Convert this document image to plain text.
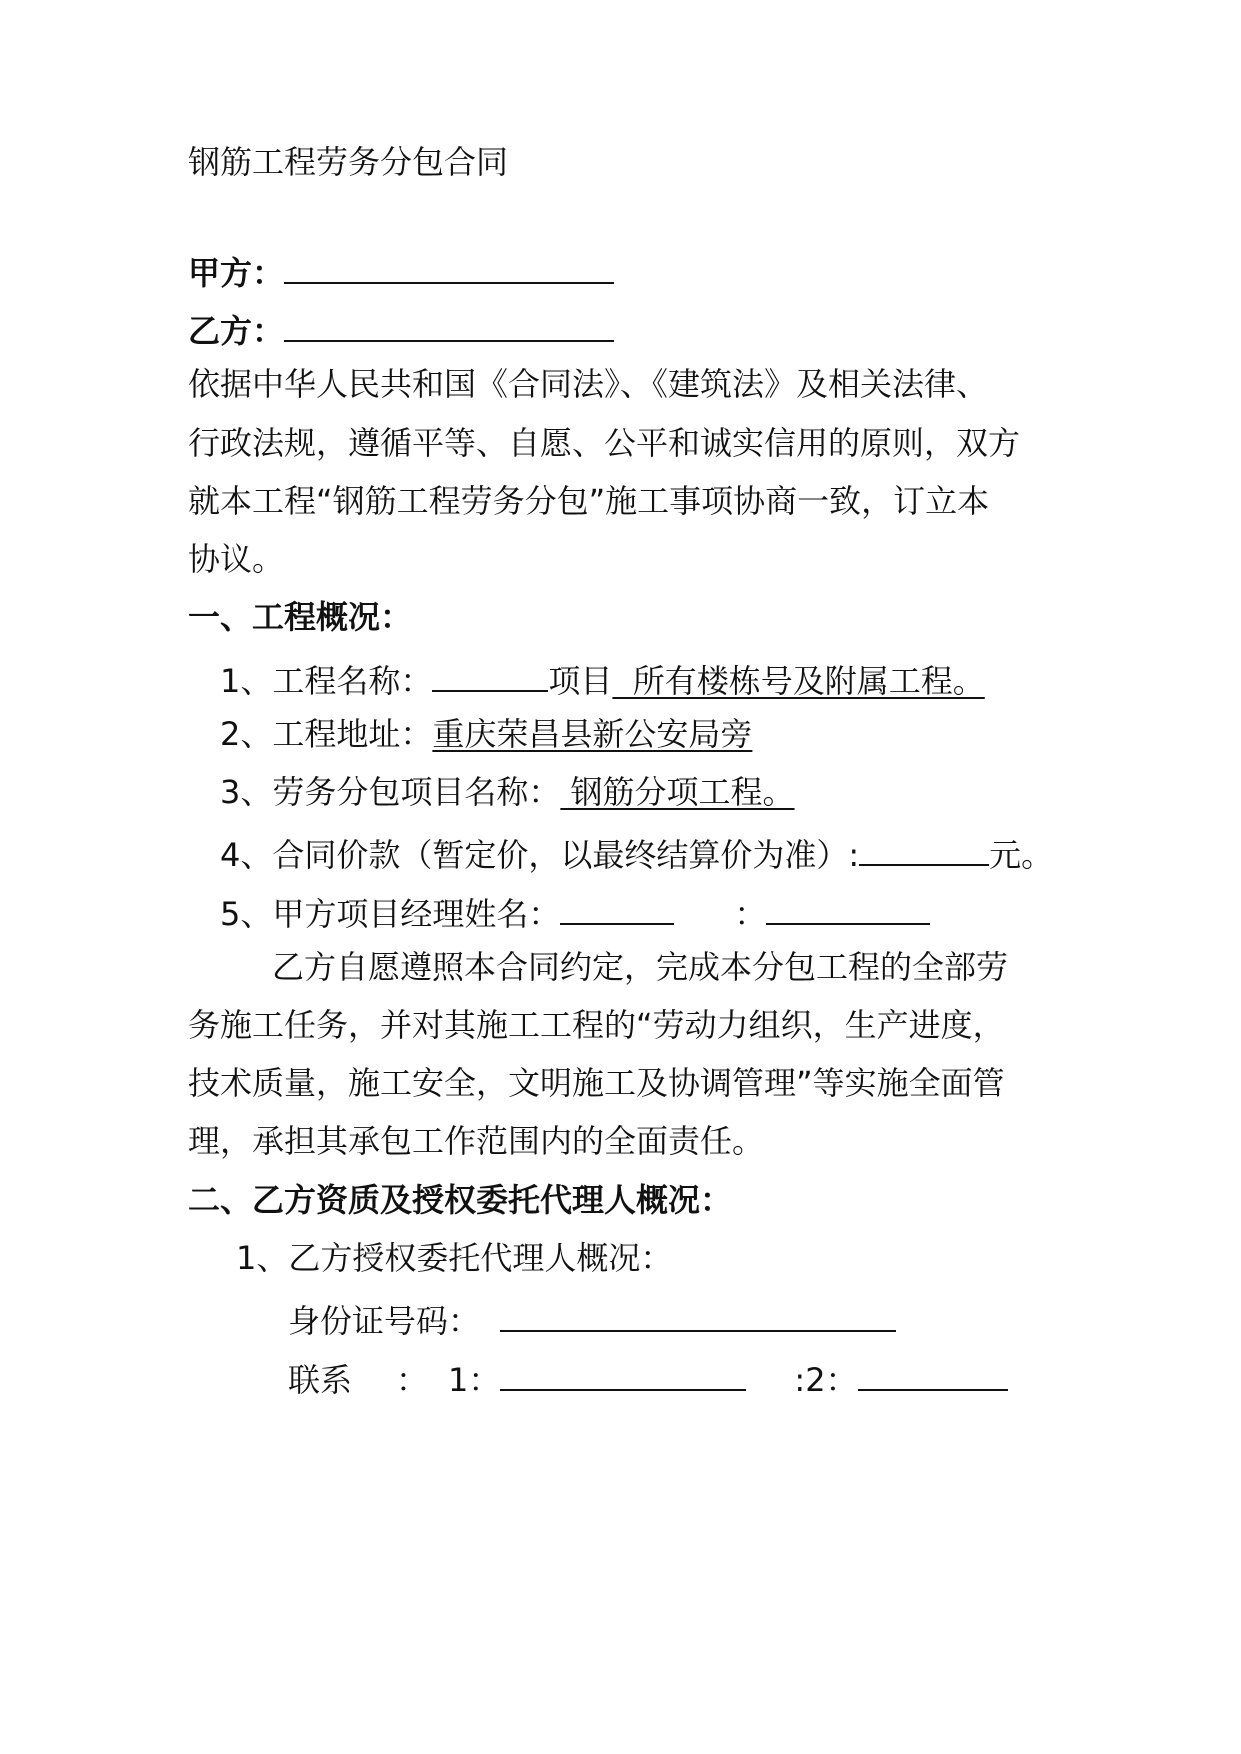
钢筋工程劳务分包合同
甲方：
乙方：
依据中华人民共和国《合同法》、《建筑法》及相关法律、
行政法规，遵循平等、自愿、公平和诚实信用的原则，双方
就本工程“钢筋工程劳务分包”施工事项协商一致，订立本
协议。
一、工程概况：
1、工程名称：	项目  所有楼栋号及附属工程。
2、工程地址：重庆荣昌县新公安局旁
3、劳务分包项目名称： 钢筋分项工程。
4、合同价款（暂定价，以最终结算价为准）:	元。
5、甲方项目经理姓名：	：
乙方自愿遵照本合同约定，完成本分包工程的全部劳
务施工任务，并对其施工工程的“劳动力组织，生产进度，
技术质量，施工安全，文明施工及协调管理”等实施全面管
理，承担其承包工作范围内的全面责任。
二、乙方资质及授权委托代理人概况：
1、乙方授权委托代理人概况：
身份证号码：
联系 ： 1：	:2：
